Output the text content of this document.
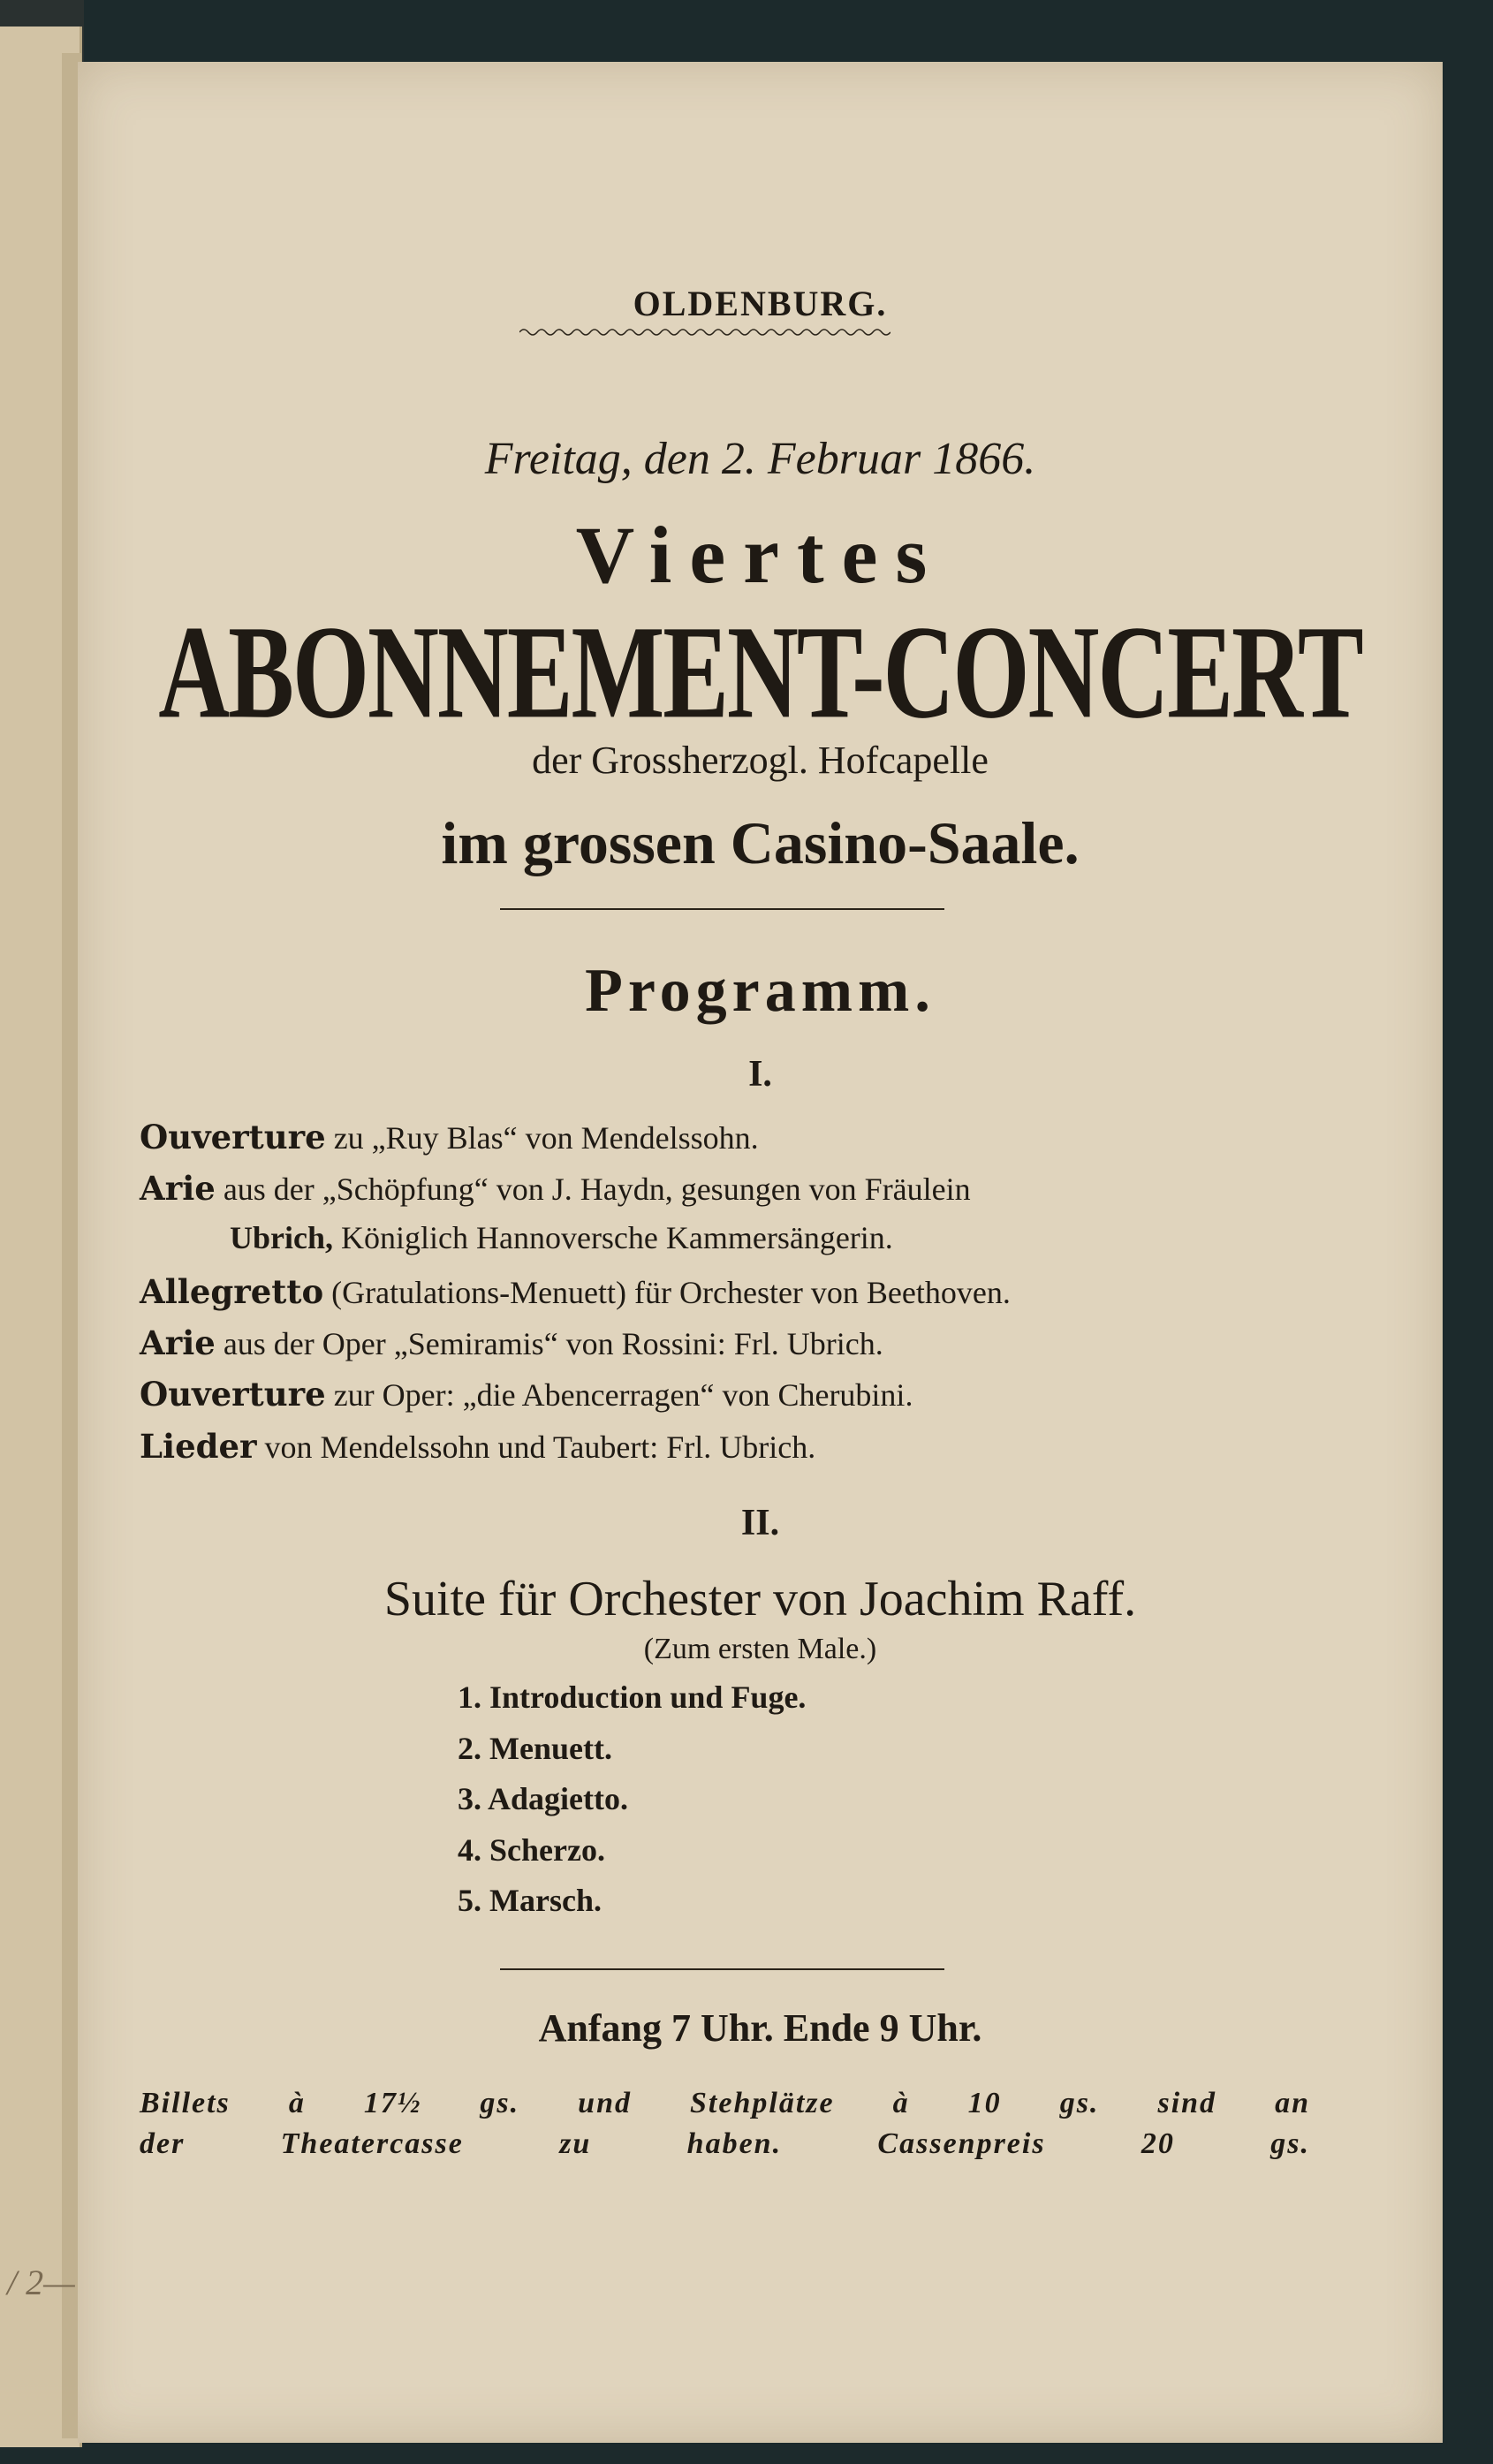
OLDENBURG.
Freitag, den 2. Februar 1866.
Viertes
ABONNEMENT-CONCERT
der Grossherzogl. Hofcapelle
im grossen Casino-Saale.
Programm.
I.
Ouverture zu „Ruy Blas“ von Mendelssohn.
Arie aus der „Schöpfung“ von J. Haydn, gesungen von Fräulein
Ubrich, Königlich Hannoversche Kammersängerin.
Allegretto (Gratulations-Menuett) für Orchester von Beethoven.
Arie aus der Oper „Semiramis“ von Rossini: Frl. Ubrich.
Ouverture zur Oper: „die Abencerragen“ von Cherubini.
Lieder von Mendelssohn und Taubert: Frl. Ubrich.
II.
Suite für Orchester von Joachim Raff.
(Zum ersten Male.)
1. Introduction und Fuge.
2. Menuett.
3. Adagietto.
4. Scherzo.
5. Marsch.
Anfang 7 Uhr. Ende 9 Uhr.
Billets à 17½ gs. und Stehplätze à 10 gs. sind an
der Theatercasse zu haben. Cassenpreis 20 gs.
/ 2—
